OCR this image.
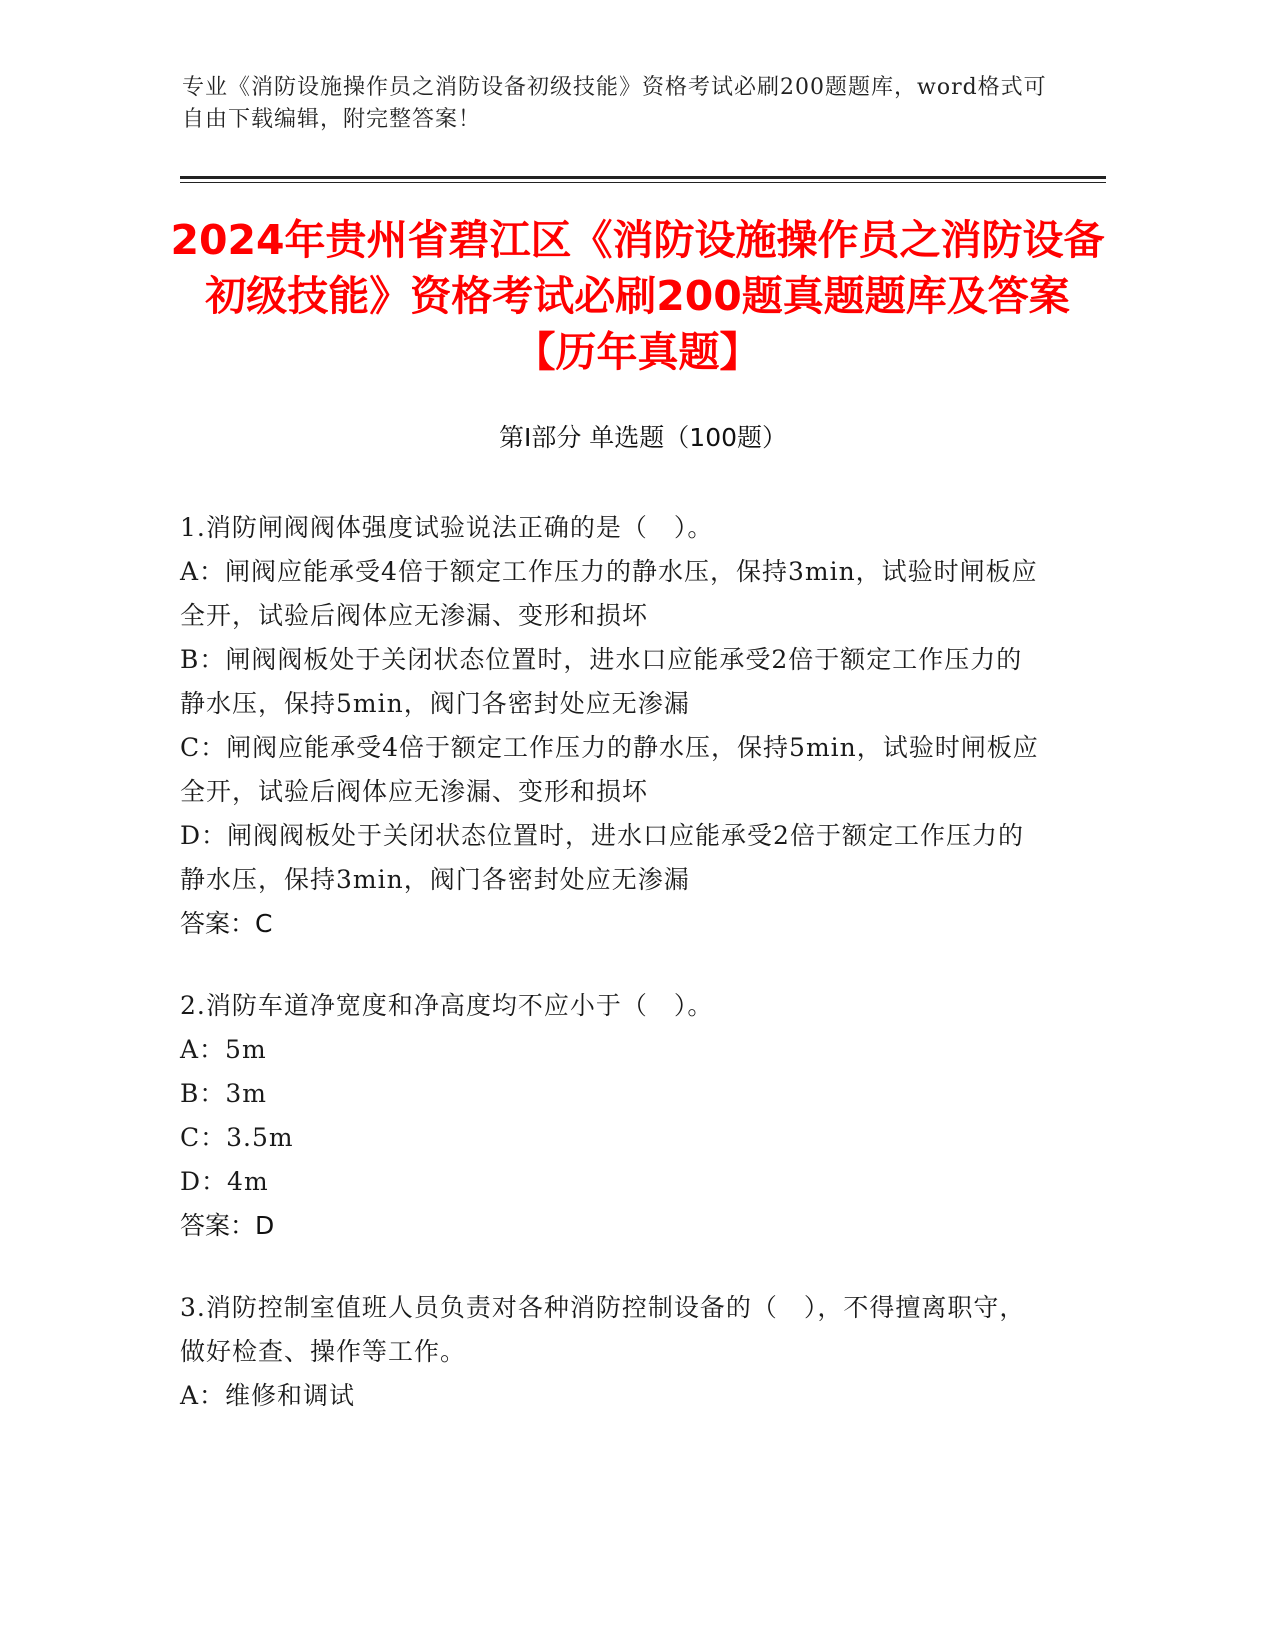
专业《消防设施操作员之消防设备初级技能》资格考试必刷200题题库，word格式可自由下载编辑，附完整答案！
2024年贵州省碧江区《消防设施操作员之消防设备初级技能》资格考试必刷200题真题题库及答案【历年真题】
第I部分 单选题（100题）
1.消防闸阀阀体强度试验说法正确的是（　）。
A：闸阀应能承受4倍于额定工作压力的静水压，保持3min，试验时闸板应全开，试验后阀体应无渗漏、变形和损坏
B：闸阀阀板处于关闭状态位置时，进水口应能承受2倍于额定工作压力的静水压，保持5min，阀门各密封处应无渗漏
C：闸阀应能承受4倍于额定工作压力的静水压，保持5min，试验时闸板应全开，试验后阀体应无渗漏、变形和损坏
D：闸阀阀板处于关闭状态位置时，进水口应能承受2倍于额定工作压力的静水压，保持3min，阀门各密封处应无渗漏
答案：C
2.消防车道净宽度和净高度均不应小于（　）。
A：5m
B：3m
C：3.5m
D：4m
答案：D
3.消防控制室值班人员负责对各种消防控制设备的（　），不得擅离职守，做好检查、操作等工作。
A：维修和调试
